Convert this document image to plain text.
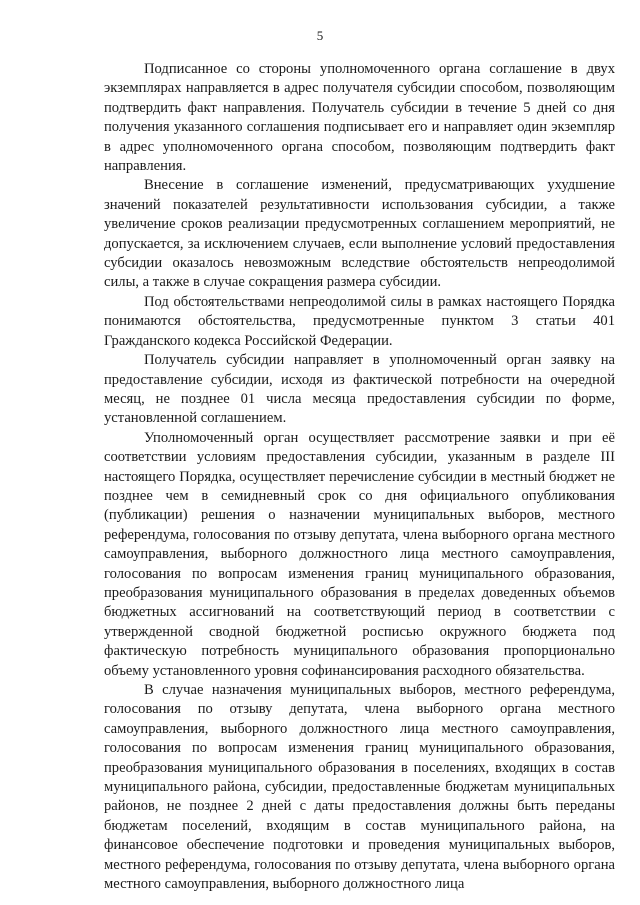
5

Подписанное со стороны уполномоченного органа соглашение в двух экземплярах направляется в адрес получателя субсидии способом, позволяющим подтвердить факт направления. Получатель субсидии в течение 5 дней со дня получения указанного соглашения подписывает его и направляет один экземпляр в адрес уполномоченного органа способом, позволяющим подтвердить факт направления.

Внесение в соглашение изменений, предусматривающих ухудшение значений показателей результативности использования субсидии, а также увеличение сроков реализации предусмотренных соглашением мероприятий, не допускается, за исключением случаев, если выполнение условий предоставления субсидии оказалось невозможным вследствие обстоятельств непреодолимой силы, а также в случае сокращения размера субсидии.

Под обстоятельствами непреодолимой силы в рамках настоящего Порядка понимаются обстоятельства, предусмотренные пунктом 3 статьи 401 Гражданского кодекса Российской Федерации.

Получатель субсидии направляет в уполномоченный орган заявку на предоставление субсидии, исходя из фактической потребности на очередной месяц, не позднее 01 числа месяца предоставления субсидии по форме, установленной соглашением.

Уполномоченный орган осуществляет рассмотрение заявки и при её соответствии условиям предоставления субсидии, указанным в разделе III настоящего Порядка, осуществляет перечисление субсидии в местный бюджет не позднее чем в семидневный срок со дня официального опубликования (публикации) решения о назначении муниципальных выборов, местного референдума, голосования по отзыву депутата, члена выборного органа местного самоуправления, выборного должностного лица местного самоуправления, голосования по вопросам изменения границ муниципального образования, преобразования муниципального образования в пределах доведенных объемов бюджетных ассигнований на соответствующий период в соответствии с утвержденной сводной бюджетной росписью окружного бюджета под фактическую потребность муниципального образования пропорционально объему установленного уровня софинансирования расходного обязательства.

В случае назначения муниципальных выборов, местного референдума, голосования по отзыву депутата, члена выборного органа местного самоуправления, выборного должностного лица местного самоуправления, голосования по вопросам изменения границ муниципального образования, преобразования муниципального образования в поселениях, входящих в состав муниципального района, субсидии, предоставленные бюджетам муниципальных районов, не позднее 2 дней с даты предоставления должны быть переданы бюджетам поселений, входящим в состав муниципального района, на финансовое обеспечение подготовки и проведения муниципальных выборов, местного референдума, голосования по отзыву депутата, члена выборного органа местного самоуправления, выборного должностного лица
